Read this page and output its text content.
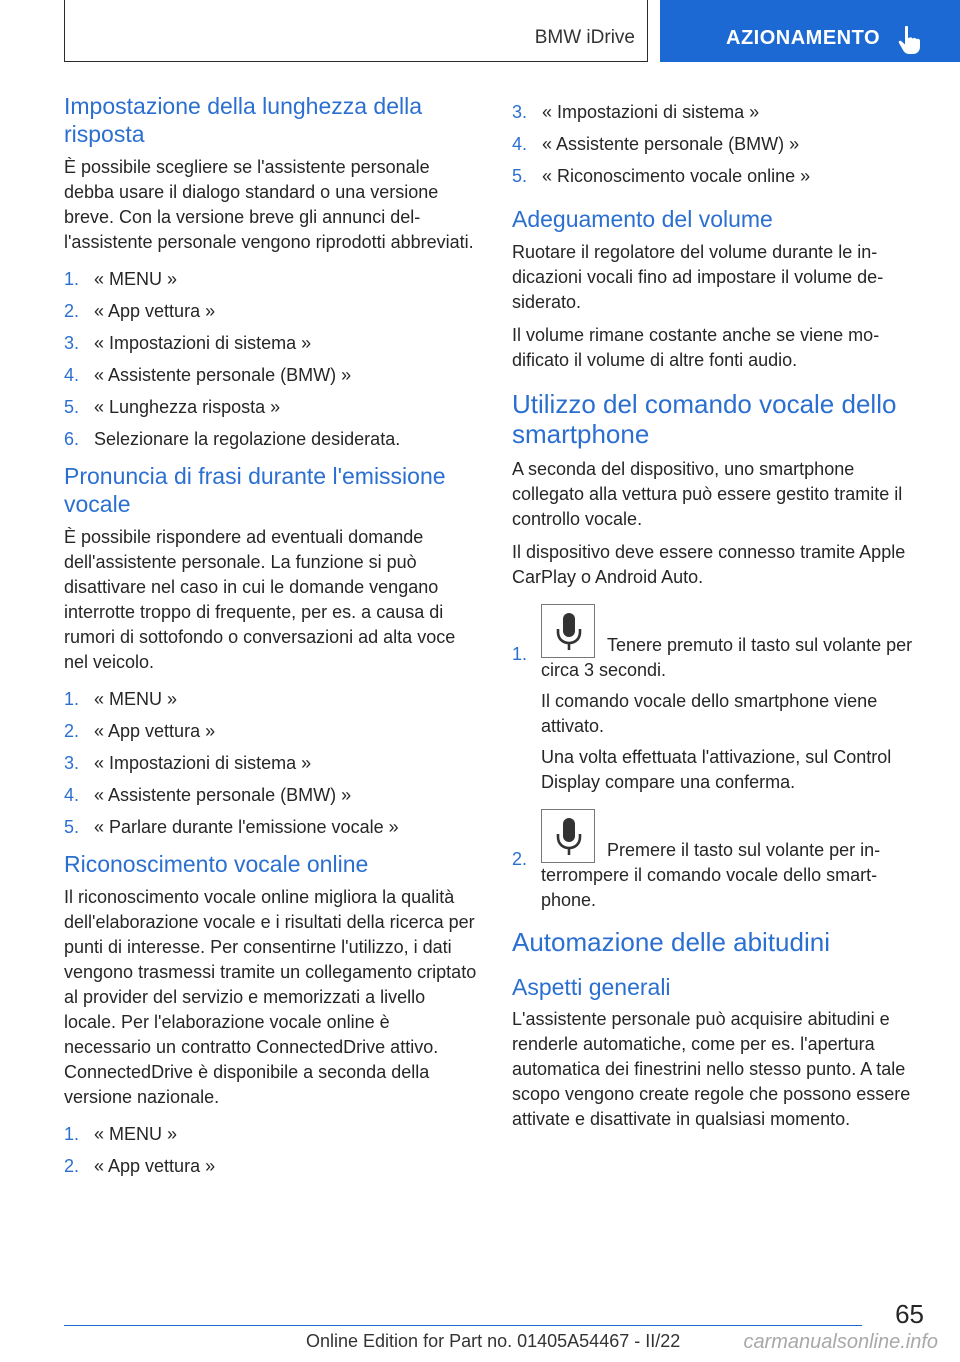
BMW iDrive	AZIONAMENTO
Impostazione della lunghezza della risposta

È possibile scegliere se l'assistente personale debba usare il dialogo standard o una versione breve. Con la versione breve gli annunci dell'assistente personale vengono riprodotti abbreviati.

1. « MENU »
2. « App vettura »
3. « Impostazioni di sistema »
4. « Assistente personale (BMW) »
5. « Lunghezza risposta »
6. Selezionare la regolazione desiderata.
Pronuncia di frasi durante l'emissione vocale

È possibile rispondere ad eventuali domande dell'assistente personale. La funzione si può disattivare nel caso in cui le domande vengano interrotte troppo di frequente, per es. a causa di rumori di sottofondo o conversazioni ad alta voce nel veicolo.

1. « MENU »
2. « App vettura »
3. « Impostazioni di sistema »
4. « Assistente personale (BMW) »
5. « Parlare durante l'emissione vocale »
Riconoscimento vocale online

Il riconoscimento vocale online migliora la qualità dell'elaborazione vocale e i risultati della ricerca per punti di interesse. Per consentirne l'utilizzo, i dati vengono trasmessi tramite un collegamento criptato al provider del servizio e memorizzati a livello locale. Per l'elaborazione vocale online è necessario un contratto ConnectedDrive attivo. ConnectedDrive è disponibile a seconda della versione nazionale.

1. « MENU »
2. « App vettura »
3. « Impostazioni di sistema »
4. « Assistente personale (BMW) »
5. « Riconoscimento vocale online »
Adeguamento del volume

Ruotare il regolatore del volume durante le indicazioni vocali fino ad impostare il volume desiderato.

Il volume rimane costante anche se viene modificato il volume di altre fonti audio.

Utilizzo del comando vocale dello smartphone

A seconda del dispositivo, uno smartphone collegato alla vettura può essere gestito tramite il controllo vocale.

Il dispositivo deve essere connesso tramite Apple CarPlay o Android Auto.

1.	Tenere premuto il tasto sul volante per circa 3 secondi.

Il comando vocale dello smartphone viene attivato.

Una volta effettuata l'attivazione, sul Control Display compare una conferma.

2.	Premere il tasto sul volante per interrompere il comando vocale dello smartphone.
Automazione delle abitudini
Aspetti generali

L'assistente personale può acquisire abitudini e renderle automatiche, come per es. l'apertura automatica dei finestrini nello stesso punto. A tale scopo vengono create regole che possono essere attivate e disattivate in qualsiasi momento.

65
Online Edition for Part no. 01405A54467 - II/22	carmanualsonline.info
